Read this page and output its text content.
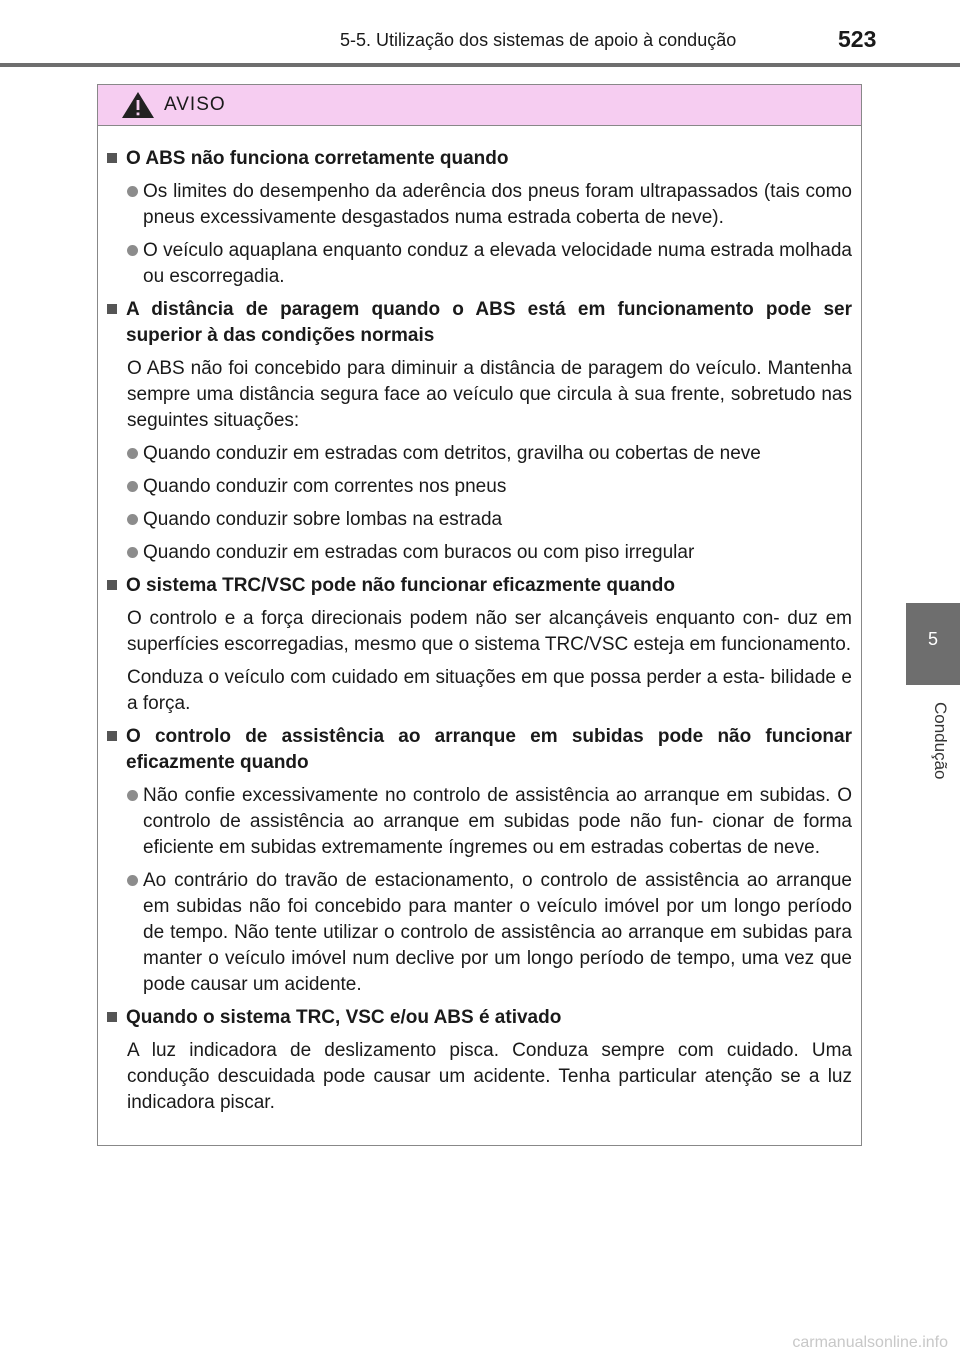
5-5. Utilização dos sistemas de apoio à condução	523
5
Condução
AVISO
O ABS não funciona corretamente quando
Os limites do desempenho da aderência dos pneus foram ultrapassados (tais como pneus excessivamente desgastados numa estrada coberta de neve).
O veículo aquaplana enquanto conduz a elevada velocidade numa estrada molhada ou escorregadia.
A distância de paragem quando o ABS está em funcionamento pode ser superior à das condições normais
O ABS não foi concebido para diminuir a distância de paragem do veículo. Mantenha sempre uma distância segura face ao veículo que circula à sua frente, sobretudo nas seguintes situações:
Quando conduzir em estradas com detritos, gravilha ou cobertas de neve
Quando conduzir com correntes nos pneus
Quando conduzir sobre lombas na estrada
Quando conduzir em estradas com buracos ou com piso irregular
O sistema TRC/VSC pode não funcionar eficazmente quando
O controlo e a força direcionais podem não ser alcançáveis enquanto con- duz em superfícies escorregadias, mesmo que o sistema TRC/VSC esteja em funcionamento.
Conduza o veículo com cuidado em situações em que possa perder a esta- bilidade e a força.
O controlo de assistência ao arranque em subidas pode não funcionar eficazmente quando
Não confie excessivamente no controlo de assistência ao arranque em subidas. O controlo de assistência ao arranque em subidas pode não fun- cionar de forma eficiente em subidas extremamente íngremes ou em estradas cobertas de neve.
Ao contrário do travão de estacionamento, o controlo de assistência ao arranque em subidas não foi concebido para manter o veículo imóvel por um longo período de tempo. Não tente utilizar o controlo de assistência ao arranque em subidas para manter o veículo imóvel num declive por um longo período de tempo, uma vez que pode causar um acidente.
Quando o sistema TRC, VSC e/ou ABS é ativado
A luz indicadora de deslizamento pisca. Conduza sempre com cuidado. Uma condução descuidada pode causar um acidente. Tenha particular atenção se a luz indicadora piscar.
carmanualsonline.info
